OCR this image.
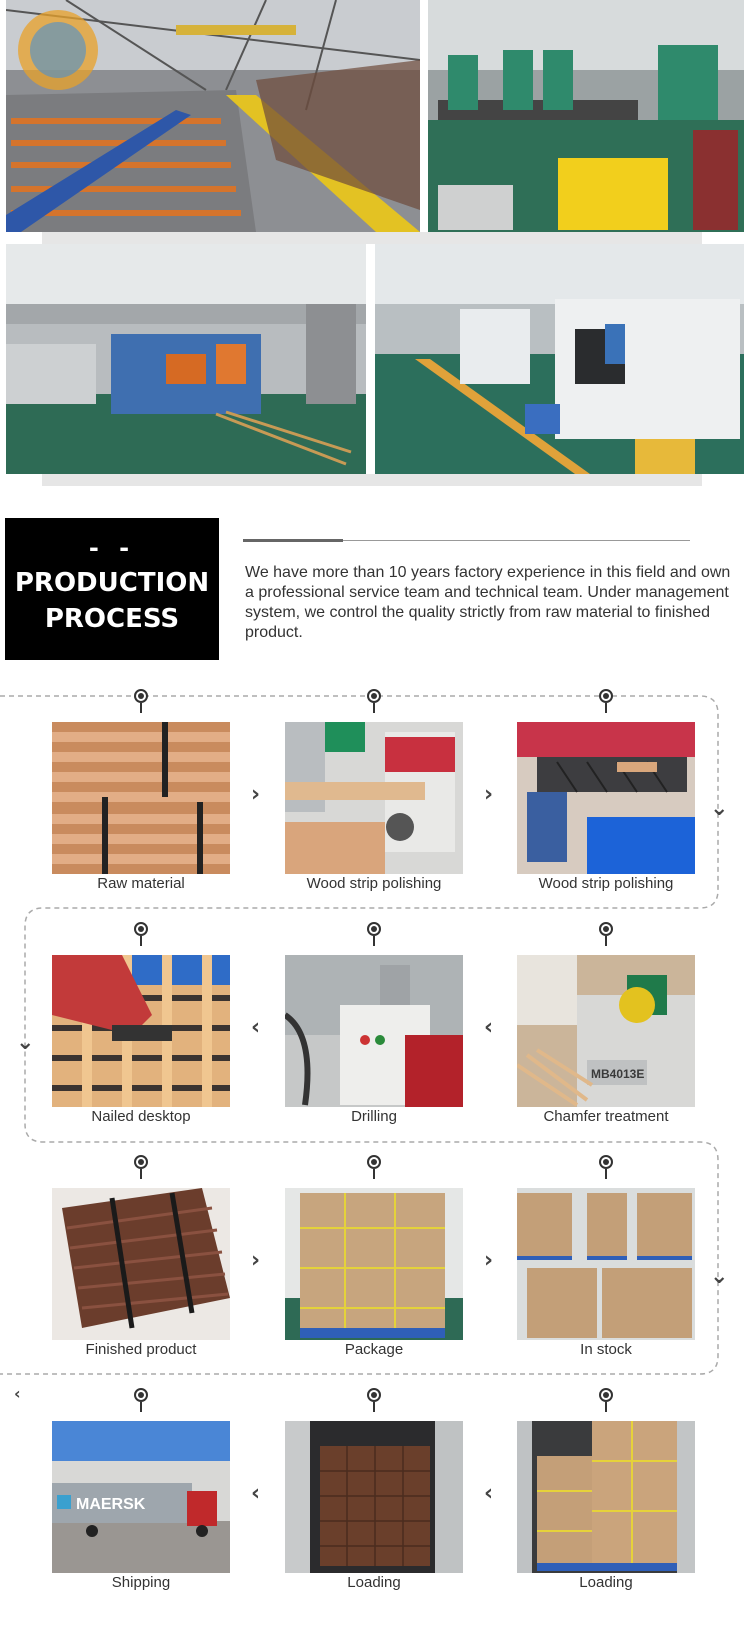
- -
PRODUCTION
PROCESS
We have more than 10 years factory experience in this field and own a professional service team and technical team. Under management system, we control the quality strictly from raw material to finished product.
⌄
⌄
⌄
‹
›	›
Raw material	Wood strip polishing	Wood strip polishing
MB4013E
‹	‹
Nailed desktop	Drilling	Chamfer treatment
›	›
Finished product	Package	In stock
MAERSK	‹	‹
Shipping	Loading	Loading
